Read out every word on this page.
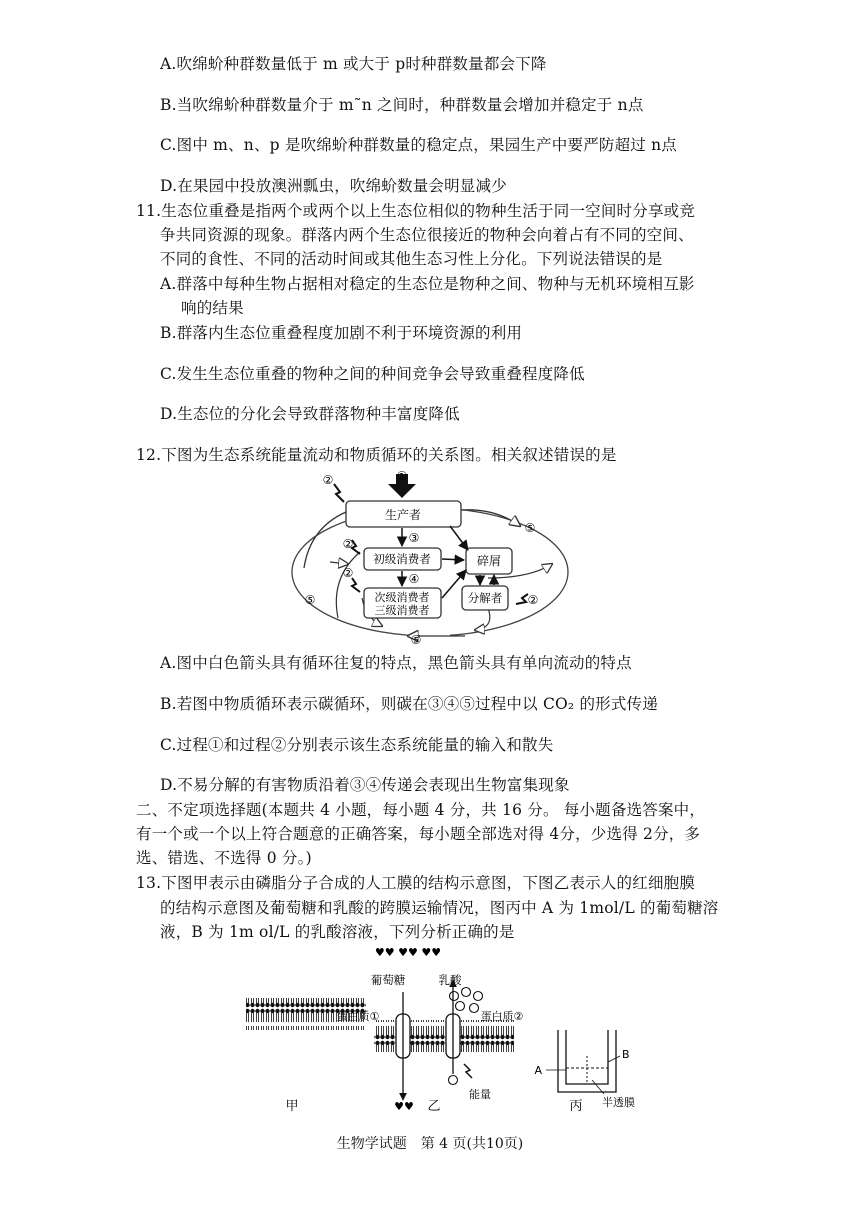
A.吹绵蚧种群数量低于 m 或大于 p时种群数量都会下降
B.当吹绵蚧种群数量介于 m˜n 之间时，种群数量会增加并稳定于 n点
C.图中 m、n、p 是吹绵蚧种群数量的稳定点，果园生产中要严防超过 n点
D.在果园中投放澳洲瓢虫，吹绵蚧数量会明显减少
11.生态位重叠是指两个或两个以上生态位相似的物种生活于同一空间时分享或竞
争共同资源的现象。群落内两个生态位很接近的物种会向着占有不同的空间、
不同的食性、不同的活动时间或其他生态习性上分化。下列说法错误的是
A.群落中每种生物占据相对稳定的生态位是物种之间、物种与无机环境相互影
响的结果
B.群落内生态位重叠程度加剧不利于环境资源的利用
C.发生生态位重叠的物种之间的种间竞争会导致重叠程度降低
D.生态位的分化会导致群落物种丰富度降低
12.下图为生态系统能量流动和物质循环的关系图。相关叙述错误的是
生产者
初级消费者
次级消费者
三级消费者
碎屑
分解者
①
②
②
②
②
③
④
⑤
⑤
⑤
A.图中白色箭头具有循环往复的特点，黑色箭头具有单向流动的特点
B.若图中物质循环表示碳循环，则碳在③④⑤过程中以 CO₂ 的形式传递
C.过程①和过程②分别表示该生态系统能量的输入和散失
D.不易分解的有害物质沿着③④传递会表现出生物富集现象
二、不定项选择题(本题共 4 小题，每小题 4 分，共 16 分。 每小题备选答案中，
有一个或一个以上符合题意的正确答案，每小题全部选对得 4分，少选得 2分，多
选、错选、不选得 0 分。)
13.下图甲表示由磷脂分子合成的人工膜的结构示意图，下图乙表示人的红细胞膜
的结构示意图及葡萄糖和乳酸的跨膜运输情况，图丙中 A 为 1mol/L 的葡萄糖溶
液，B 为 1m ol/L 的乳酸溶液，下列分析正确的是
甲
葡萄糖	乳酸
蛋白质①	蛋白质②
♥♥ ♥♥ ♥♥
♥♥
能量
乙
A
B
半透膜
丙
生物学试题　第 4 页(共10页)
